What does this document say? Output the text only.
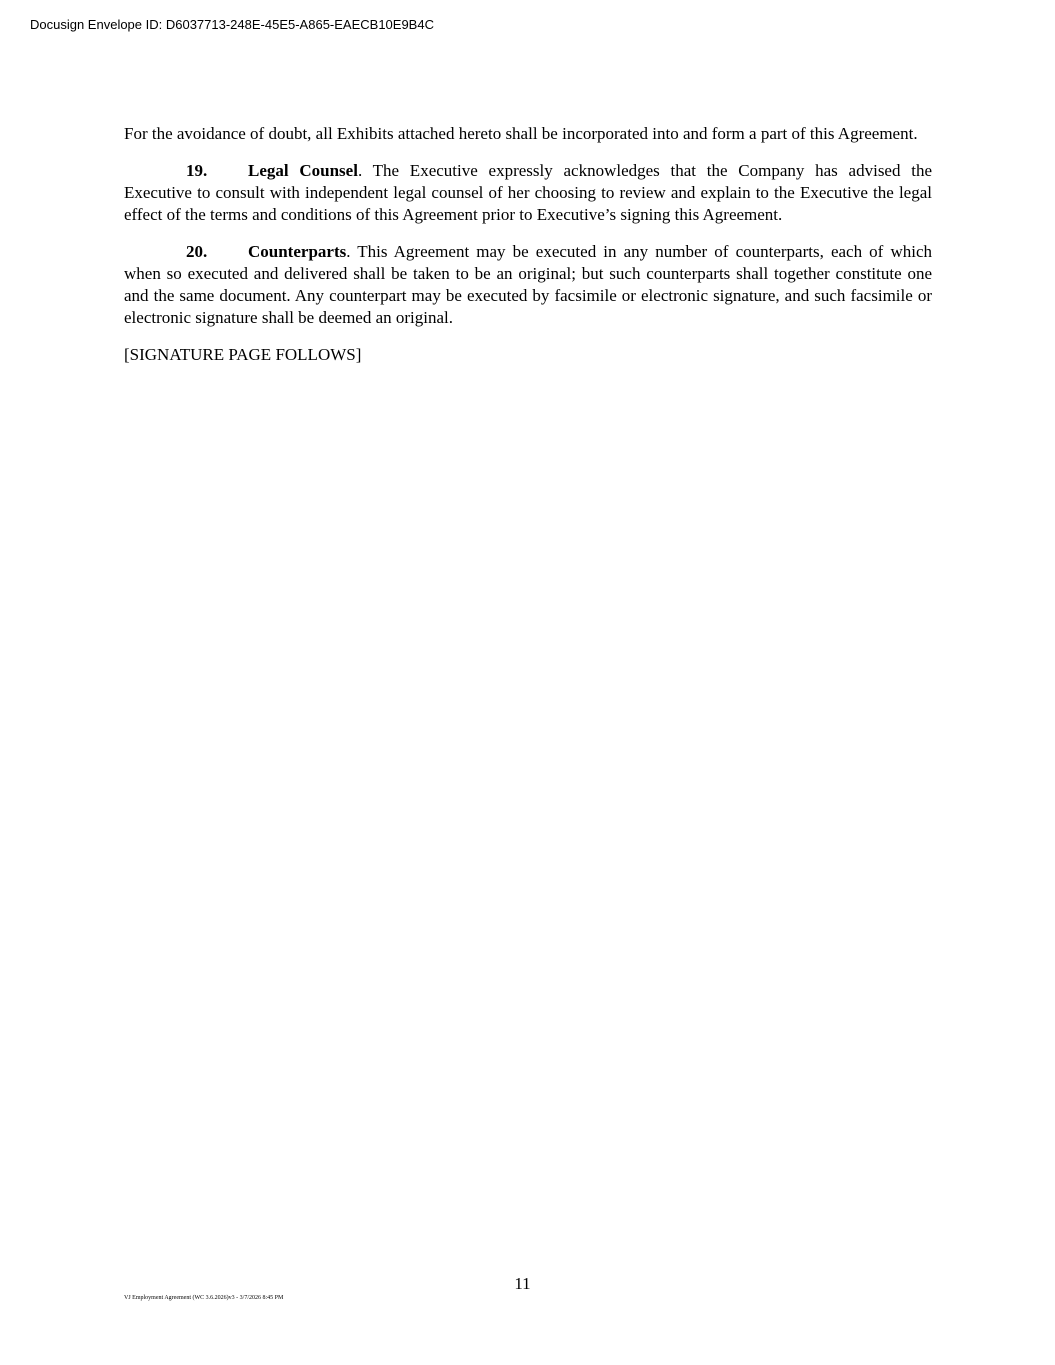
Docusign Envelope ID: D6037713-248E-45E5-A865-EAECB10E9B4C

For the avoidance of doubt, all Exhibits attached hereto shall be incorporated into and form a part of this Agreement.

19. Legal Counsel. The Executive expressly acknowledges that the Company has advised the Executive to consult with independent legal counsel of her choosing to review and explain to the Executive the legal effect of the terms and conditions of this Agreement prior to Executive’s signing this Agreement.

20. Counterparts. This Agreement may be executed in any number of counterparts, each of which when so executed and delivered shall be taken to be an original; but such counterparts shall together constitute one and the same document. Any counterpart may be executed by facsimile or electronic signature, and such facsimile or electronic signature shall be deemed an original.

[SIGNATURE PAGE FOLLOWS]

11
VJ Employment Agreement (WC 3.6.2026)v3 - 3/7/2026 8:45 PM
